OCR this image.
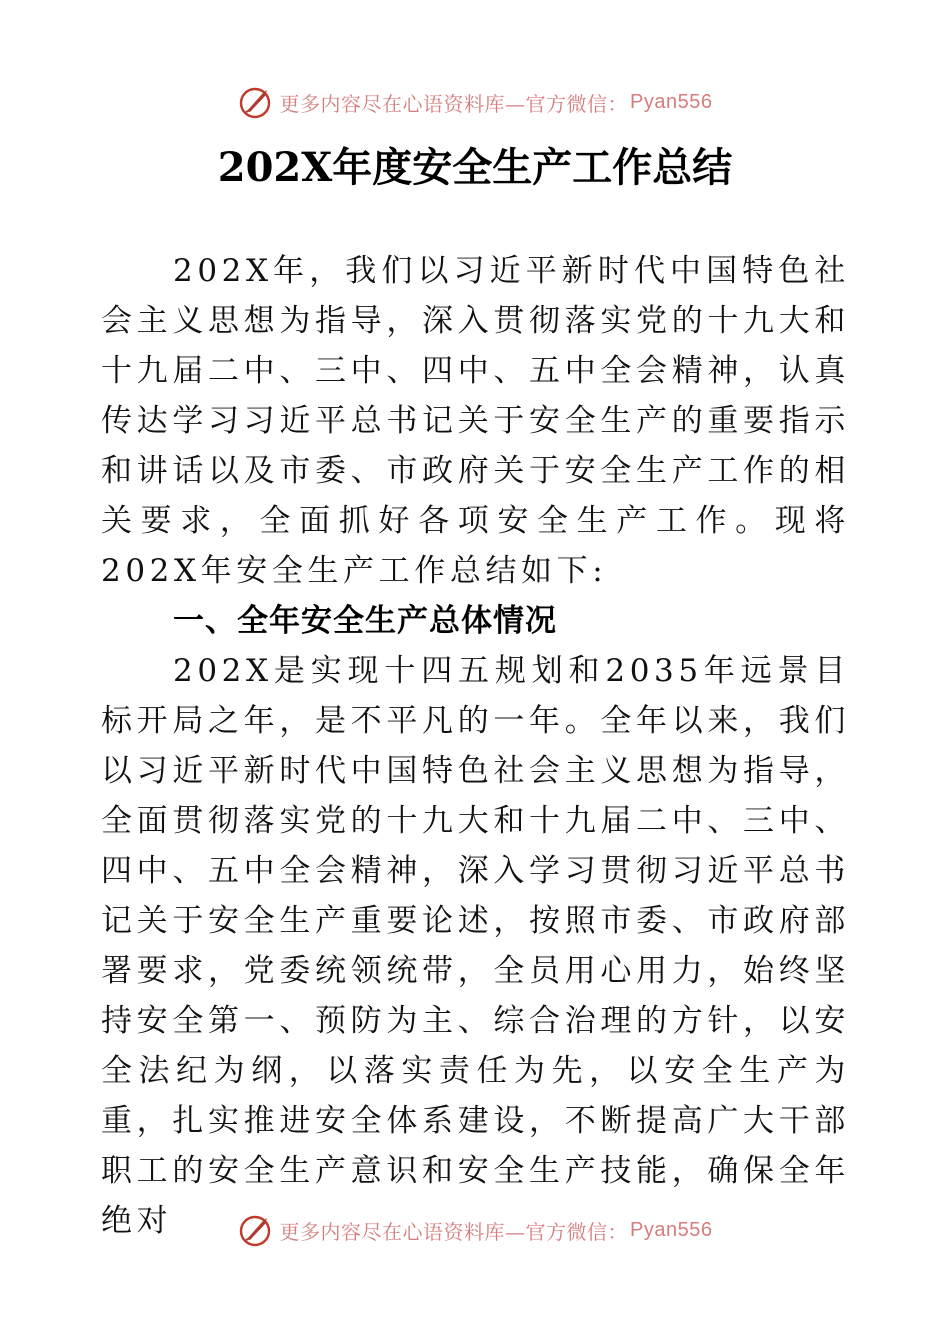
更多内容尽在心语资料库—官方微信： Pyan556
202X年度安全生产工作总结

202X年，我们以习近平新时代中国特色社会主义思想为指导，深入贯彻落实党的十九大和十九届二中、三中、四中、五中全会精神，认真传达学习习近平总书记关于安全生产的重要指示和讲话以及市委、市政府关于安全生产工作的相关要求，全面抓好各项安全生产工作。现将202X年安全生产工作总结如下:

一、全年安全生产总体情况

202X是实现十四五规划和2035年远景目标开局之年，是不平凡的一年。全年以来，我们以习近平新时代中国特色社会主义思想为指导，全面贯彻落实党的十九大和十九届二中、三中、四中、五中全会精神，深入学习贯彻习近平总书记关于安全生产重要论述，按照市委、市政府部署要求，党委统领统带，全员用心用力，始终坚持安全第一、预防为主、综合治理的方针，以安全法纪为纲，以落实责任为先，以安全生产为重，扎实推进安全体系建设，不断提高广大干部职工的安全生产意识和安全生产技能，确保全年绝对	更多内容尽在心语资料库—官方微信： Pyan556
